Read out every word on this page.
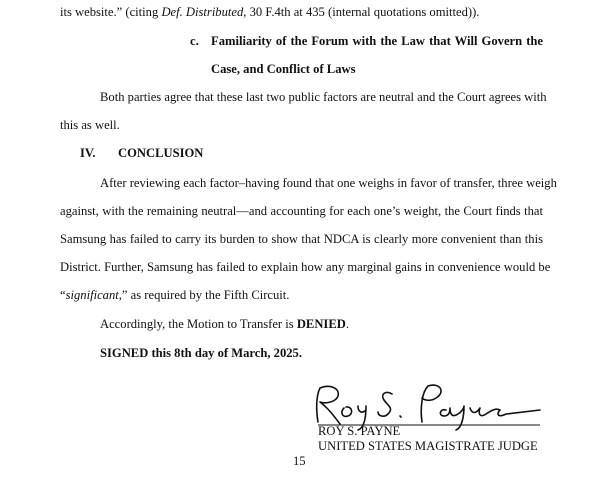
its website.” (citing Def. Distributed, 30 F.4th at 435 (internal quotations omitted)).
c. Familiarity of the Forum with the Law that Will Govern the
Case, and Conflict of Laws
Both parties agree that these last two public factors are neutral and the Court agrees with
this as well.
IV. CONCLUSION
After reviewing each factor–having found that one weighs in favor of transfer, three weigh
against, with the remaining neutral—and accounting for each one’s weight, the Court finds that
Samsung has failed to carry its burden to show that NDCA is clearly more convenient than this
District. Further, Samsung has failed to explain how any marginal gains in convenience would be
“significant,” as required by the Fifth Circuit.
Accordingly, the Motion to Transfer is DENIED.
SIGNED this 8th day of March, 2025.
ROY S. PAYNE
UNITED STATES MAGISTRATE JUDGE
15
